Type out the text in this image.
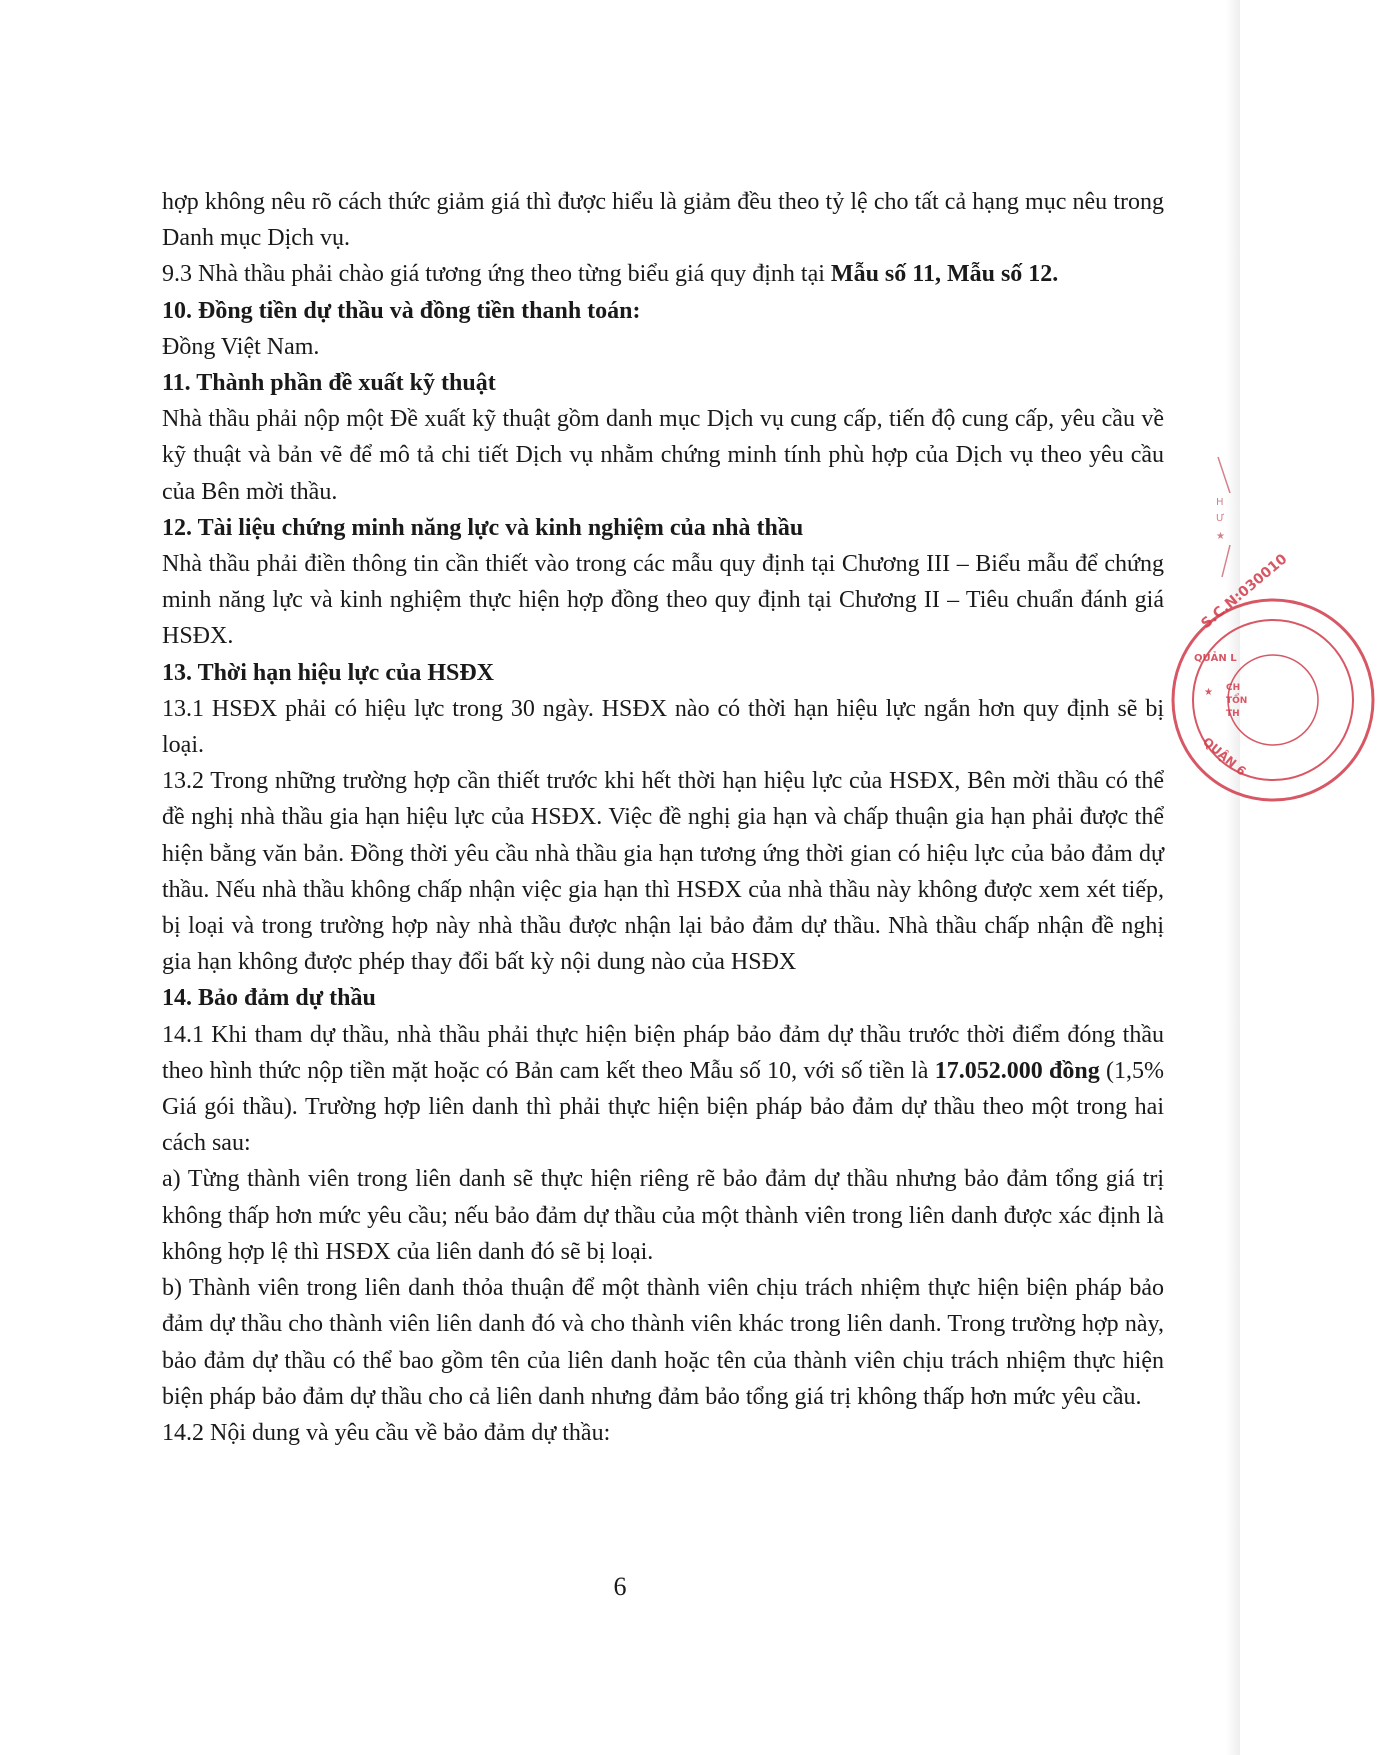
hợp không nêu rõ cách thức giảm giá thì được hiểu là giảm đều theo tỷ lệ cho tất cả hạng mục nêu trong Danh mục Dịch vụ.

9.3 Nhà thầu phải chào giá tương ứng theo từng biểu giá quy định tại Mẫu số 11, Mẫu số 12.

10. Đồng tiền dự thầu và đồng tiền thanh toán:

Đồng Việt Nam.

11. Thành phần đề xuất kỹ thuật

Nhà thầu phải nộp một Đề xuất kỹ thuật gồm danh mục Dịch vụ cung cấp, tiến độ cung cấp, yêu cầu về kỹ thuật và bản vẽ để mô tả chi tiết Dịch vụ nhằm chứng minh tính phù hợp của Dịch vụ theo yêu cầu của Bên mời thầu.

12. Tài liệu chứng minh năng lực và kinh nghiệm của nhà thầu

Nhà thầu phải điền thông tin cần thiết vào trong các mẫu quy định tại Chương III – Biểu mẫu để chứng minh năng lực và kinh nghiệm thực hiện hợp đồng theo quy định tại Chương II – Tiêu chuẩn đánh giá HSĐX.

13. Thời hạn hiệu lực của HSĐX

13.1 HSĐX phải có hiệu lực trong 30 ngày. HSĐX nào có thời hạn hiệu lực ngắn hơn quy định sẽ bị loại.

13.2 Trong những trường hợp cần thiết trước khi hết thời hạn hiệu lực của HSĐX, Bên mời thầu có thể đề nghị nhà thầu gia hạn hiệu lực của HSĐX. Việc đề nghị gia hạn và chấp thuận gia hạn phải được thể hiện bằng văn bản. Đồng thời yêu cầu nhà thầu gia hạn tương ứng thời gian có hiệu lực của bảo đảm dự thầu. Nếu nhà thầu không chấp nhận việc gia hạn thì HSĐX của nhà thầu này không được xem xét tiếp, bị loại và trong trường hợp này nhà thầu được nhận lại bảo đảm dự thầu. Nhà thầu chấp nhận đề nghị gia hạn không được phép thay đổi bất kỳ nội dung nào của HSĐX

14. Bảo đảm dự thầu

14.1 Khi tham dự thầu, nhà thầu phải thực hiện biện pháp bảo đảm dự thầu trước thời điểm đóng thầu theo hình thức nộp tiền mặt hoặc có Bản cam kết theo Mẫu số 10, với số tiền là 17.052.000 đồng (1,5% Giá gói thầu). Trường hợp liên danh thì phải thực hiện biện pháp bảo đảm dự thầu theo một trong hai cách sau:

a) Từng thành viên trong liên danh sẽ thực hiện riêng rẽ bảo đảm dự thầu nhưng bảo đảm tổng giá trị không thấp hơn mức yêu cầu; nếu bảo đảm dự thầu của một thành viên trong liên danh được xác định là không hợp lệ thì HSĐX của liên danh đó sẽ bị loại.

b) Thành viên trong liên danh thỏa thuận để một thành viên chịu trách nhiệm thực hiện biện pháp bảo đảm dự thầu cho thành viên liên danh đó và cho thành viên khác trong liên danh. Trong trường hợp này, bảo đảm dự thầu có thể bao gồm tên của liên danh hoặc tên của thành viên chịu trách nhiệm thực hiện biện pháp bảo đảm dự thầu cho cả liên danh nhưng đảm bảo tổng giá trị không thấp hơn mức yêu cầu.

14.2 Nội dung và yêu cầu về bảo đảm dự thầu:

6
S.C.N:030010
QUẢN L
★
QUẬN 6
CH
TỔN
TH
H
Ư
★
